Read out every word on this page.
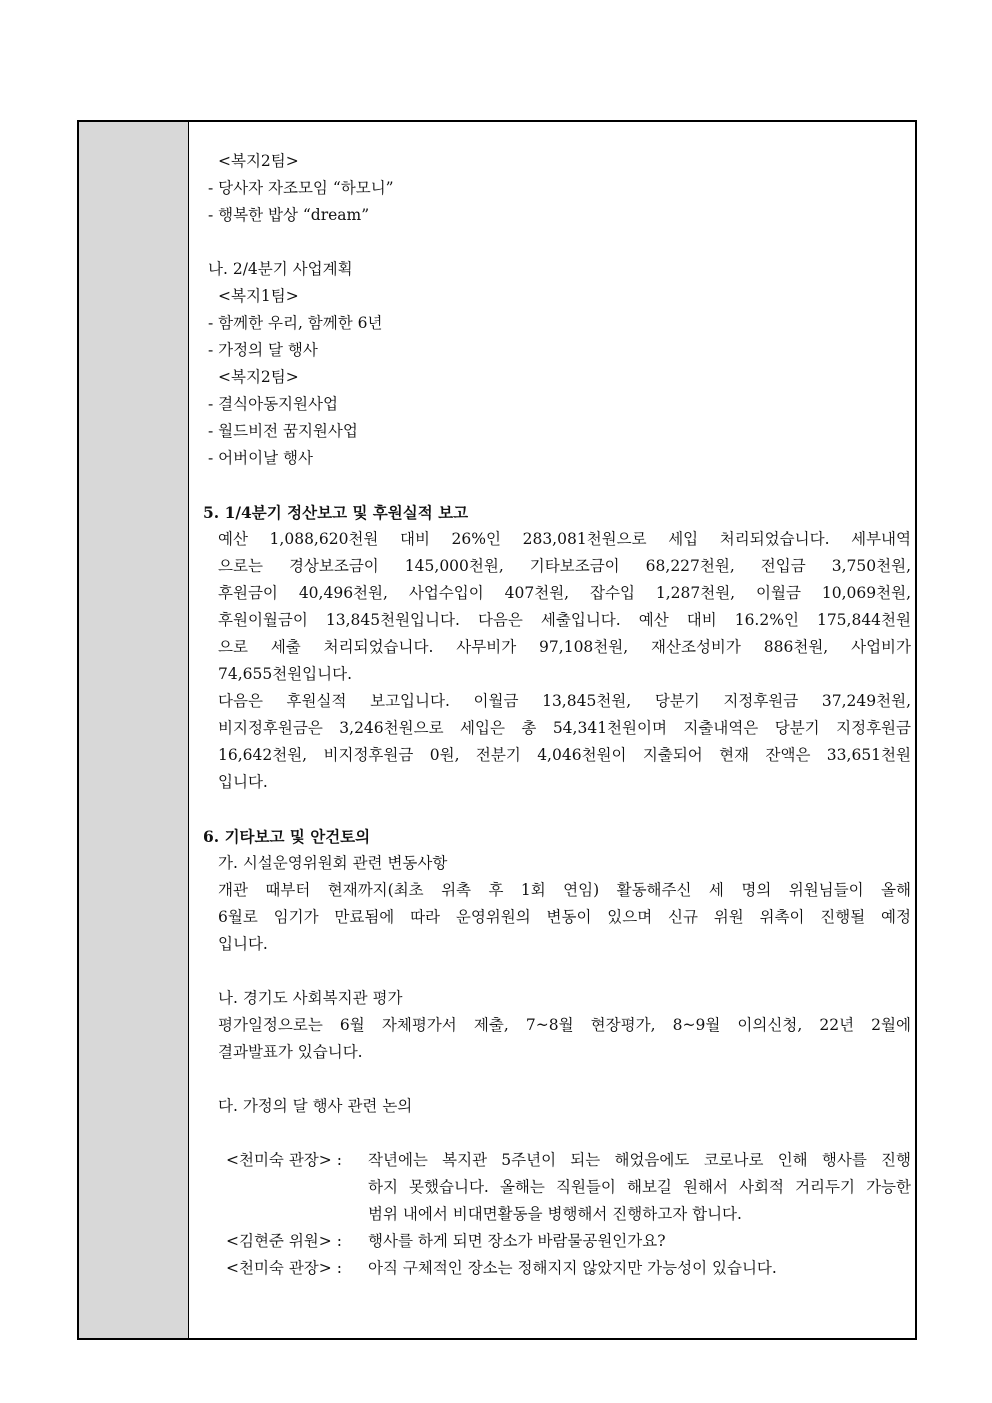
<복지2팀>
- 당사자 자조모임 “하모니”
- 행복한 밥상 “dream”
나. 2/4분기 사업계획
<복지1팀>
- 함께한 우리, 함께한 6년
- 가정의 달 행사
<복지2팀>
- 결식아동지원사업
- 월드비전 꿈지원사업
- 어버이날 행사
5. 1/4분기 정산보고 및 후원실적 보고
예산 1,088,620천원 대비 26%인 283,081천원으로 세입 처리되었습니다. 세부내역
으로는 경상보조금이 145,000천원, 기타보조금이 68,227천원, 전입금 3,750천원,
후원금이 40,496천원, 사업수입이 407천원, 잡수입 1,287천원, 이월금 10,069천원,
후원이월금이 13,845천원입니다. 다음은 세출입니다. 예산 대비 16.2%인 175,844천원
으로 세출 처리되었습니다. 사무비가 97,108천원, 재산조성비가 886천원, 사업비가
74,655천원입니다.
다음은 후원실적 보고입니다. 이월금 13,845천원, 당분기 지정후원금 37,249천원,
비지정후원금은 3,246천원으로 세입은 총 54,341천원이며 지출내역은 당분기 지정후원금
16,642천원, 비지정후원금 0원, 전분기 4,046천원이 지출되어 현재 잔액은 33,651천원
입니다.
6. 기타보고 및 안건토의
가. 시설운영위원회 관련 변동사항
개관 때부터 현재까지(최초 위촉 후 1회 연임) 활동해주신 세 명의 위원님들이 올해
6월로 임기가 만료됨에 따라 운영위원의 변동이 있으며 신규 위원 위촉이 진행될 예정
입니다.
나. 경기도 사회복지관 평가
평가일정으로는 6월 자체평가서 제출, 7~8월 현장평가, 8~9월 이의신청, 22년 2월에
결과발표가 있습니다.
다. 가정의 달 행사 관련 논의
<천미숙 관장> :	작년에는 복지관 5주년이 되는 해었음에도 코로나로 인해 행사를 진행
하지 못했습니다. 올해는 직원들이 해보길 원해서 사회적 거리두기 가능한
범위 내에서 비대면활동을 병행해서 진행하고자 합니다.
<김현준 위원> :	행사를 하게 되면 장소가 바람물공원인가요?
<천미숙 관장> :	아직 구체적인 장소는 정해지지 않았지만 가능성이 있습니다.
